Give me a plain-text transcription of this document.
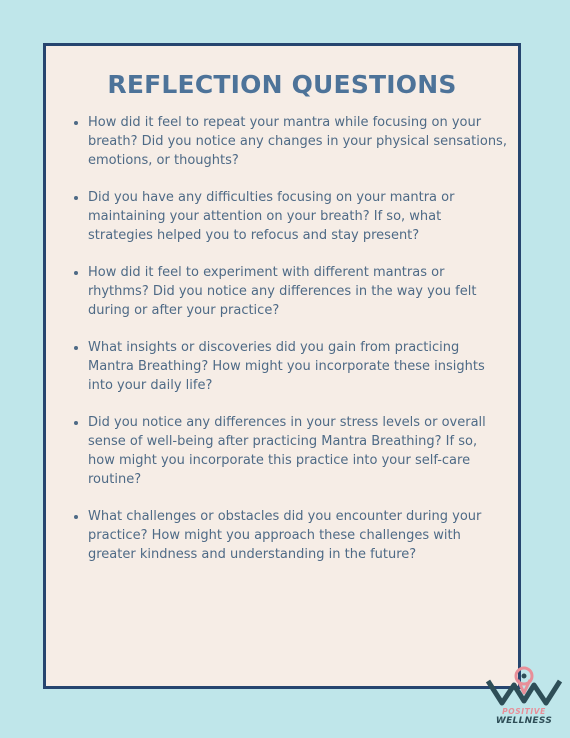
REFLECTION QUESTIONS
How did it feel to repeat your mantra while focusing on your breath? Did you notice any changes in your physical sensations, emotions, or thoughts?
Did you have any difficulties focusing on your mantra or maintaining your attention on your breath? If so, what strategies helped you to refocus and stay present?
How did it feel to experiment with different mantras or rhythms? Did you notice any differences in the way you felt during or after your practice?
What insights or discoveries did you gain from practicing Mantra Breathing? How might you incorporate these insights into your daily life?
Did you notice any differences in your stress levels or overall sense of well-being after practicing Mantra Breathing? If so, how might you incorporate this practice into your self-care routine?
What challenges or obstacles did you encounter during your practice? How might you approach these challenges with greater kindness and understanding in the future?
POSITIVE
WELLNESS
